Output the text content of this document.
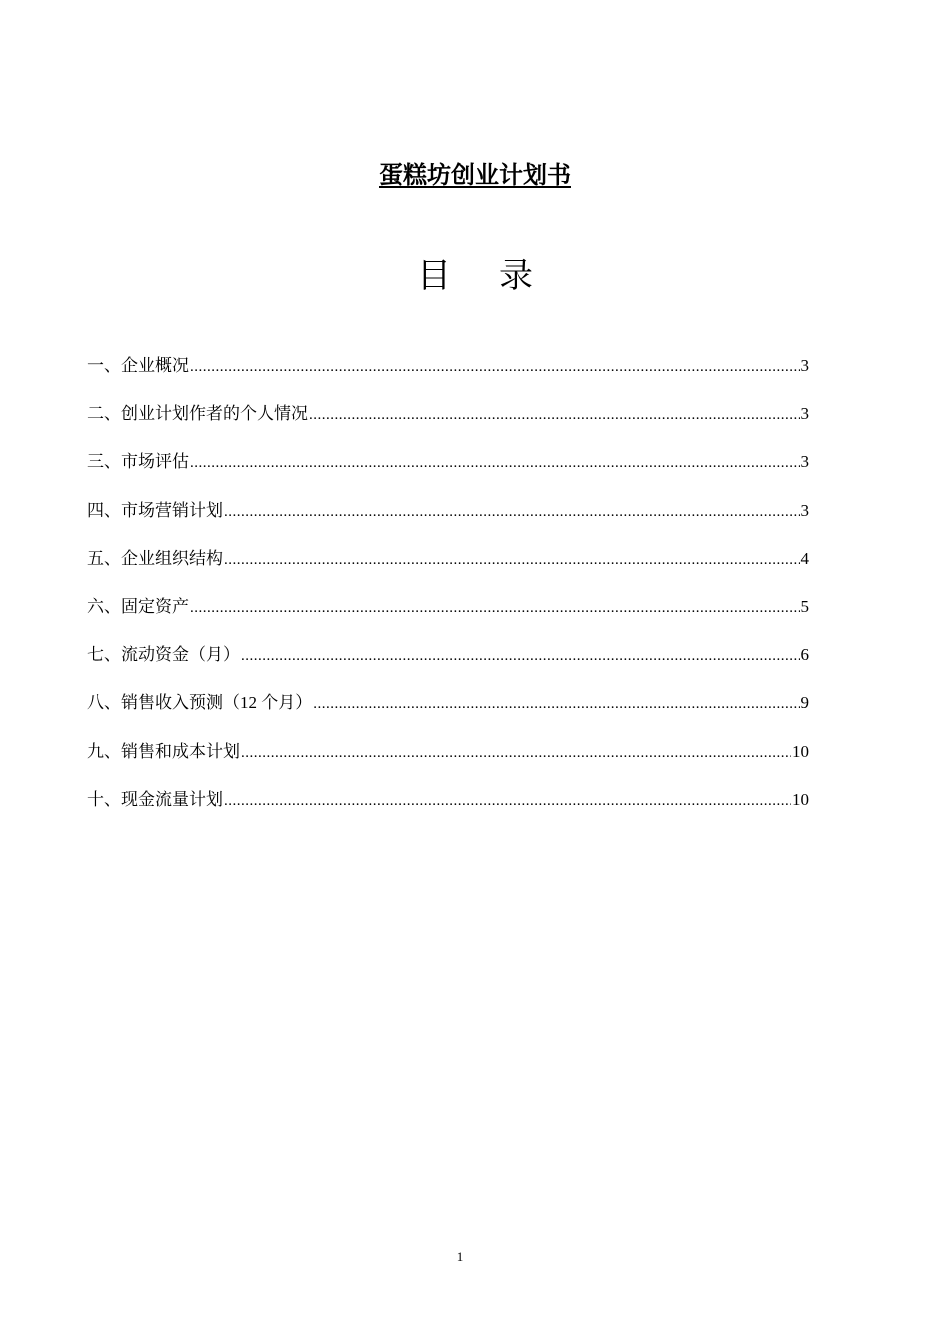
蛋糕坊创业计划书
目 录
一、企业概况 .....	3
二、创业计划作者的个人情况 .....	3
三、市场评估 .....	3
四、市场营销计划 .....	3
五、企业组织结构 .....	4
六、固定资产 .....	5
七、流动资金（月） .....	6
八、销售收入预测（12 个月） .....	9
九、销售和成本计划 .....	10
十、现金流量计划 .....	10
1
